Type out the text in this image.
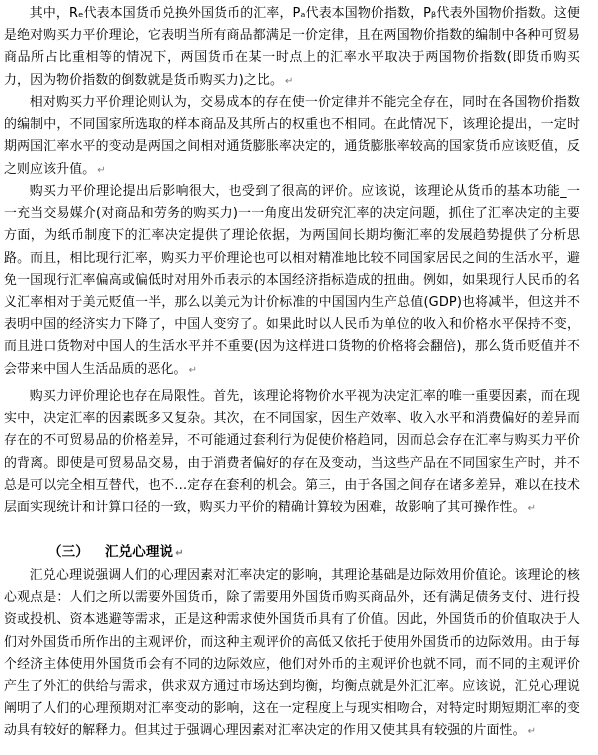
其中，Rₑ代表本国货币兑换外国货币的汇率，Pₐ代表本国物价指数，Pᵦ代表外国物价指数。这便是绝对购买力平价理论，它表明当所有商品都满足一价定律，且在两国物价指数的编制中各种可贸易商品所占比重相等的情况下，两国货币在某一时点上的汇率水平取决于两国物价指数(即货币购买力，因为物价指数的倒数就是货币购买力)之比。 ↵

相对购买力平价理论则认为，交易成本的存在使一价定律并不能完全存在，同时在各国物价指数的编制中，不同国家所选取的样本商品及其所占的权重也不相同。在此情况下，该理论提出，一定时期两国汇率水平的变动是两国之间相对通货膨胀率决定的，通货膨胀率较高的国家货币应该贬值，反之则应该升值。 ↵

购买力平价理论提出后影响很大，也受到了很高的评价。应该说，该理论从货币的基本功能_一一充当交易媒介(对商品和劳务的购买力)一一角度出发研究汇率的决定问题，抓住了汇率决定的主要方面，为纸币制度下的汇率决定提供了理论依据，为两国间长期均衡汇率的发展趋势提供了分析思路。而且，相比现行汇率，购买力平价理论也可以相对精准地比较不同国家居民之间的生活水平，避免一国现行汇率偏高或偏低时对用外币表示的本国经济指标造成的扭曲。例如，如果现行人民币的名义汇率相对于美元贬值一半，那么以美元为计价标准的中国国内生产总值(GDP)也将减半，但这并不表明中国的经济实力下降了，中国人变穷了。如果此时以人民币为单位的收入和价格水平保持不变，而且进口货物对中国人的生活水平并不重要(因为这样进口货物的价格将会翻倍)，那么货币贬值并不会带来中国人生活品质的恶化。 ↵

购买力评价理论也存在局限性。首先，该理论将物价水平视为决定汇率的唯一重要因素，而在现实中，决定汇率的因素既多又复杂。其次，在不同国家，因生产效率、收入水平和消费偏好的差异而存在的不可贸易品的价格差异，不可能通过套利行为促使价格趋同，因而总会存在汇率与购买力平价的背离。即使是可贸易品交易，由于消费者偏好的存在及变动，当这些产品在不同国家生产时，并不总是可以完全相互替代，也不…定存在套利的机会。第三，由于各国之间存在诸多差异，难以在技术层面实现统计和计算口径的一致，购买力平价的精确计算较为困难，故影响了其可操作性。 ↵

（三） 汇兑心理说 ↵

汇兑心理说强调人们的心理因素对汇率决定的影响，其理论基础是边际效用价值论。该理论的核心观点是：人们之所以需要外国货币，除了需要用外国货币购买商品外，还有满足债务支付、进行投资或投机、资本逃避等需求，正是这种需求使外国货币具有了价值。因此，外国货币的价值取决于人们对外国货币所作出的主观评价，而这种主观评价的高低又依托于使用外国货币的边际效用。由于每个经济主体使用外国货币会有不同的边际效应，他们对外币的主观评价也就不同，而不同的主观评价产生了外汇的供给与需求，供求双方通过市场达到均衡，均衡点就是外汇汇率。应该说，汇兑心理说阐明了人们的心理预期对汇率变动的影响，这在一定程度上与现实相吻合，对特定时期短期汇率的变动具有较好的解释力。但其过于强调心理因素对汇率决定的作用又使其具有较强的片面性。 ↵
